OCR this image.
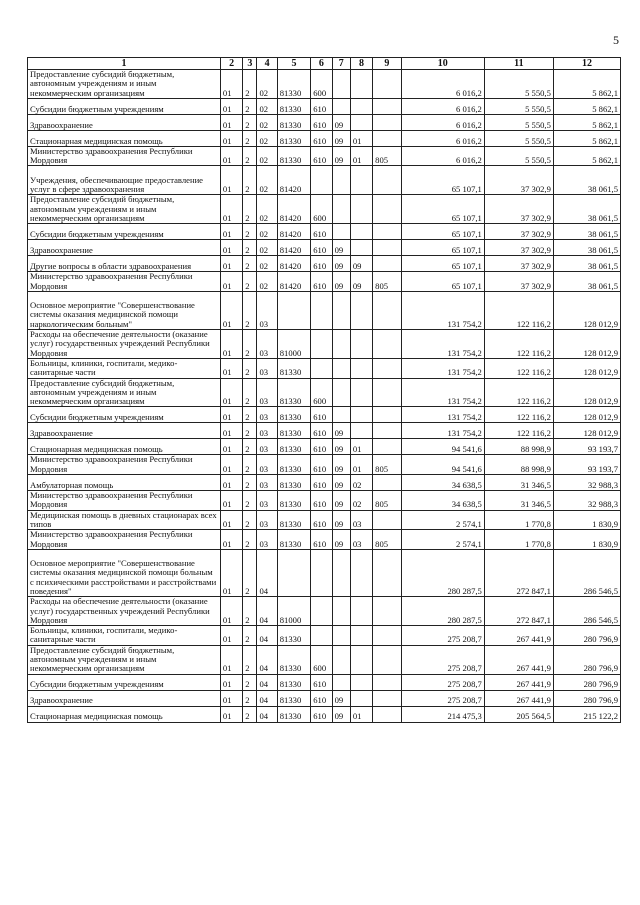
5
1	2	3	4	5	6	7	8	9	10	11	12
Предоставление субсидий бюджетным, автономным учреждениям и иным некоммерческим организациям	01	2	02	81330	600				6 016,2	5 550,5	5 862,1
Субсидии бюджетным учреждениям	01	2	02	81330	610				6 016,2	5 550,5	5 862,1
Здравоохранение	01	2	02	81330	610	09			6 016,2	5 550,5	5 862,1
Стационарная медицинская помощь	01	2	02	81330	610	09	01		6 016,2	5 550,5	5 862,1
Министерство здравоохранения Республики Мордовия	01	2	02	81330	610	09	01	805	6 016,2	5 550,5	5 862,1
Учреждения, обеспечивающие предоставление услуг в сфере здравоохранения	01	2	02	81420					65 107,1	37 302,9	38 061,5
Предоставление субсидий бюджетным, автономным учреждениям и иным некоммерческим организациям	01	2	02	81420	600				65 107,1	37 302,9	38 061,5
Субсидии бюджетным учреждениям	01	2	02	81420	610				65 107,1	37 302,9	38 061,5
Здравоохранение	01	2	02	81420	610	09			65 107,1	37 302,9	38 061,5
Другие вопросы в области здравоохранения	01	2	02	81420	610	09	09		65 107,1	37 302,9	38 061,5
Министерство здравоохранения Республики Мордовия	01	2	02	81420	610	09	09	805	65 107,1	37 302,9	38 061,5
Основное мероприятие "Совершенствование системы оказания медицинской помощи наркологическим больным"	01	2	03						131 754,2	122 116,2	128 012,9
Расходы на обеспечение деятельности (оказание услуг) государственных учреждений Республики Мордовия	01	2	03	81000					131 754,2	122 116,2	128 012,9
Больницы, клиники, госпитали, медико-санитарные части	01	2	03	81330					131 754,2	122 116,2	128 012,9
Предоставление субсидий бюджетным, автономным учреждениям и иным некоммерческим организациям	01	2	03	81330	600				131 754,2	122 116,2	128 012,9
Субсидии бюджетным учреждениям	01	2	03	81330	610				131 754,2	122 116,2	128 012,9
Здравоохранение	01	2	03	81330	610	09			131 754,2	122 116,2	128 012,9
Стационарная медицинская помощь	01	2	03	81330	610	09	01		94 541,6	88 998,9	93 193,7
Министерство здравоохранения Республики Мордовия	01	2	03	81330	610	09	01	805	94 541,6	88 998,9	93 193,7
Амбулаторная помощь	01	2	03	81330	610	09	02		34 638,5	31 346,5	32 988,3
Министерство здравоохранения Республики Мордовия	01	2	03	81330	610	09	02	805	34 638,5	31 346,5	32 988,3
Медицинская помощь в дневных стационарах всех типов	01	2	03	81330	610	09	03		2 574,1	1 770,8	1 830,9
Министерство здравоохранения Республики Мордовия	01	2	03	81330	610	09	03	805	2 574,1	1 770,8	1 830,9
Основное мероприятие "Совершенствование системы оказания медицинской помощи больным с психическими расстройствами и расстройствами поведения"	01	2	04						280 287,5	272 847,1	286 546,5
Расходы на обеспечение деятельности (оказание услуг) государственных учреждений Республики Мордовия	01	2	04	81000					280 287,5	272 847,1	286 546,5
Больницы, клиники, госпитали, медико-санитарные части	01	2	04	81330					275 208,7	267 441,9	280 796,9
Предоставление субсидий бюджетным, автономным учреждениям и иным некоммерческим организациям	01	2	04	81330	600				275 208,7	267 441,9	280 796,9
Субсидии бюджетным учреждениям	01	2	04	81330	610				275 208,7	267 441,9	280 796,9
Здравоохранение	01	2	04	81330	610	09			275 208,7	267 441,9	280 796,9
Стационарная медицинская помощь	01	2	04	81330	610	09	01		214 475,3	205 564,5	215 122,2
